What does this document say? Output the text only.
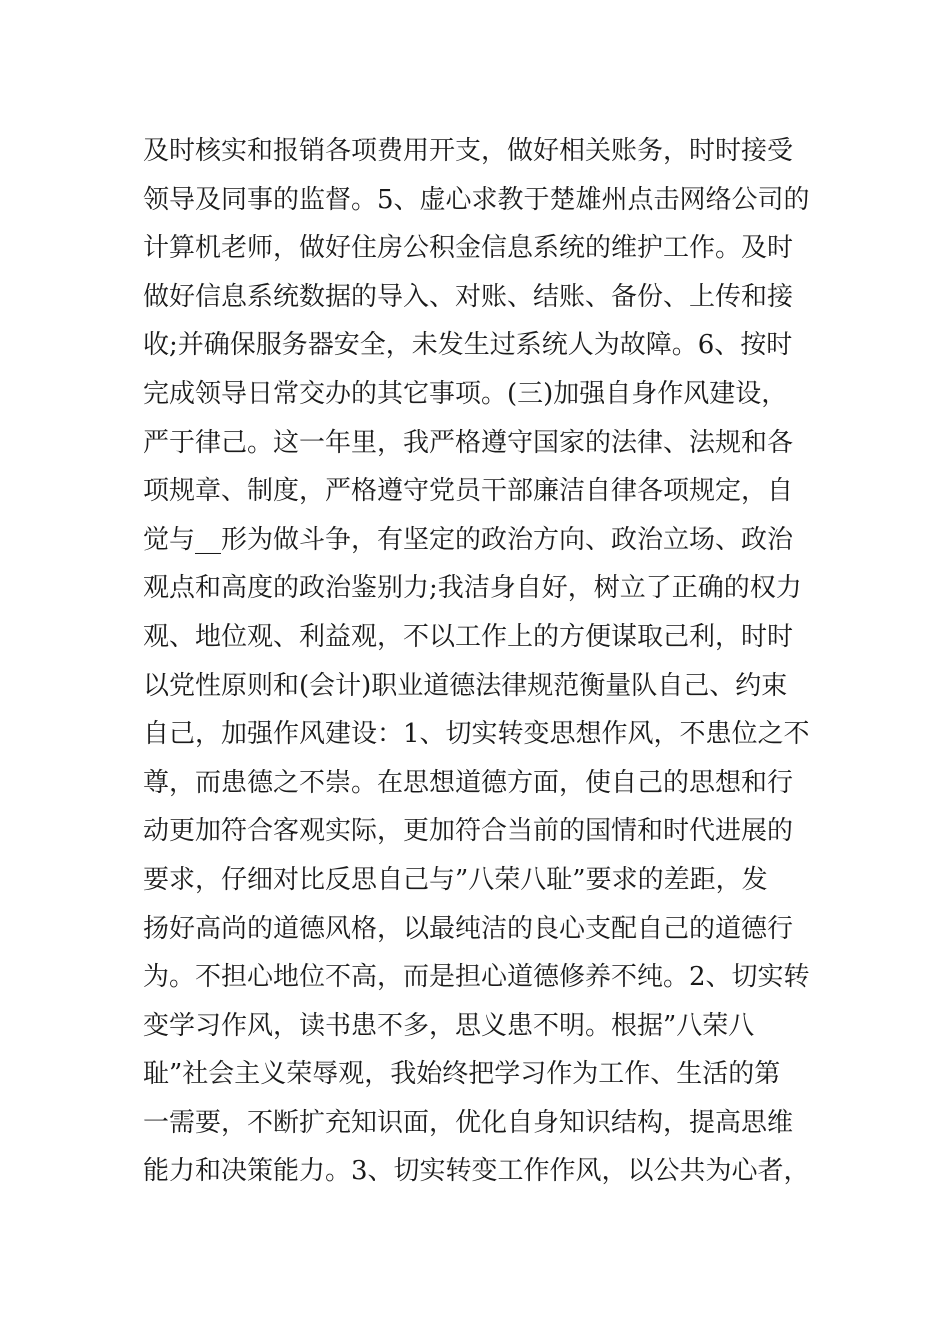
及时核实和报销各项费用开支，做好相关账务，时时接受
领导及同事的监督。5、虚心求教于楚雄州点击网络公司的
计算机老师，做好住房公积金信息系统的维护工作。及时
做好信息系统数据的导入、对账、结账、备份、上传和接
收;并确保服务器安全，未发生过系统人为故障。6、按时
完成领导日常交办的其它事项。(三)加强自身作风建设，
严于律己。这一年里，我严格遵守国家的法律、法规和各
项规章、制度，严格遵守党员干部廉洁自律各项规定，自
觉与__形为做斗争，有坚定的政治方向、政治立场、政治
观点和高度的政治鉴别力;我洁身自好，树立了正确的权力
观、地位观、利益观，不以工作上的方便谋取己利，时时
以党性原则和(会计)职业道德法律规范衡量队自己、约束
自己，加强作风建设：1、切实转变思想作风，不患位之不
尊，而患德之不崇。在思想道德方面，使自己的思想和行
动更加符合客观实际，更加符合当前的国情和时代进展的
要求，仔细对比反思自己与”八荣八耻”要求的差距，发
扬好高尚的道德风格，以最纯洁的良心支配自己的道德行
为。不担心地位不高，而是担心道德修养不纯。2、切实转
变学习作风，读书患不多，思义患不明。根据”八荣八
耻”社会主义荣辱观，我始终把学习作为工作、生活的第
一需要，不断扩充知识面，优化自身知识结构，提高思维
能力和决策能力。3、切实转变工作作风，以公共为心者，
